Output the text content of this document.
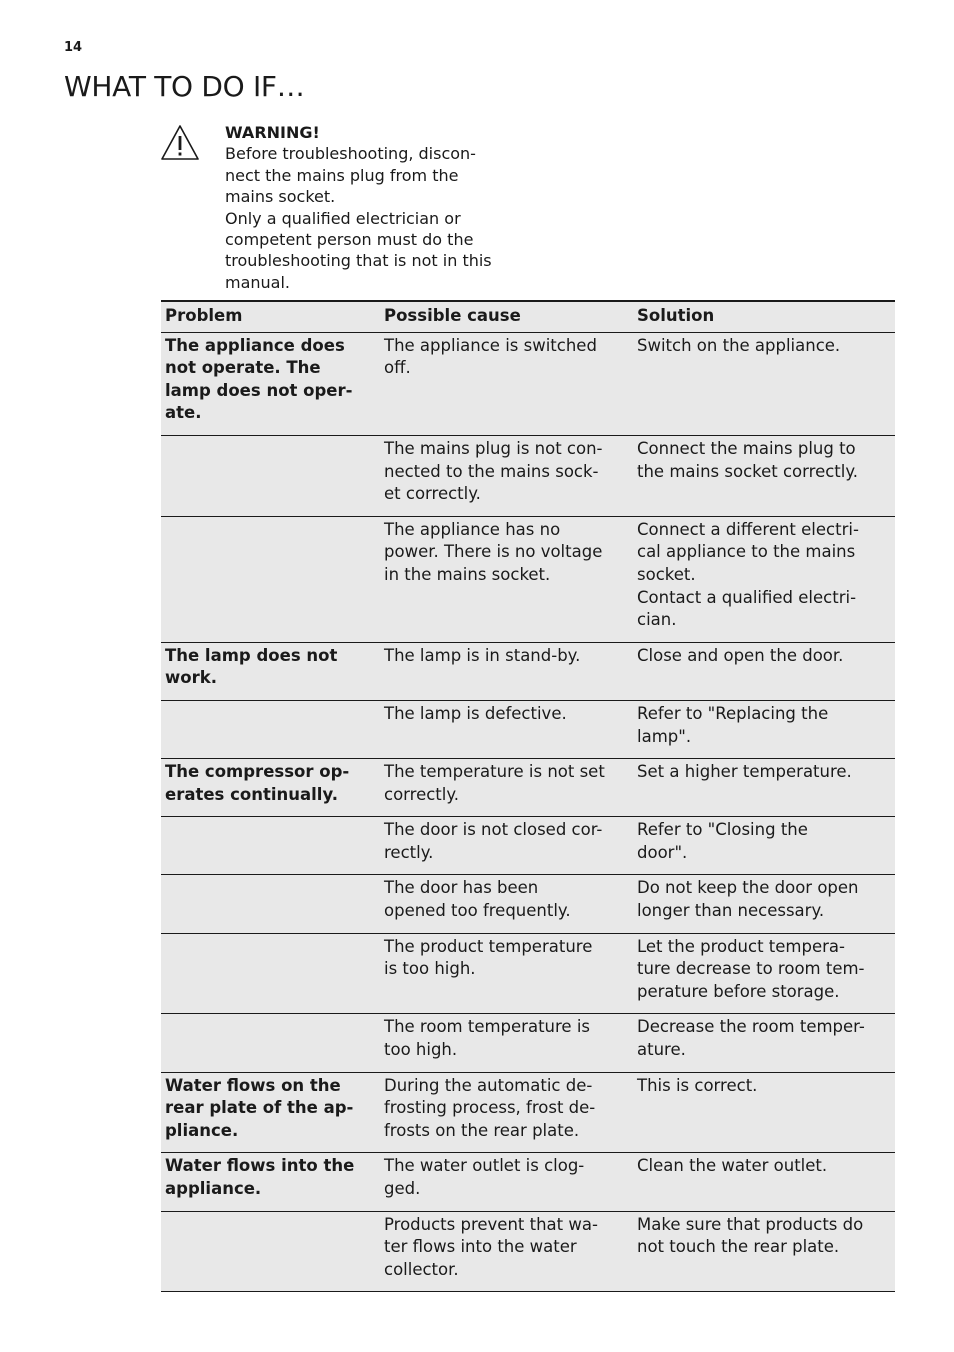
14
WHAT TO DO IF…
WARNING!
Before troubleshooting, discon-
nect the mains plug from the
mains socket.
Only a qualified electrician or
competent person must do the
troubleshooting that is not in this
manual.
Problem	Possible cause	Solution
The appliance does
not operate. The
lamp does not oper-
ate.	The appliance is switched
off.	Switch on the appliance.
	The mains plug is not con-
nected to the mains sock-
et correctly.	Connect the mains plug to
the mains socket correctly.
	The appliance has no
power. There is no voltage
in the mains socket.	Connect a different electri-
cal appliance to the mains
socket.
Contact a qualified electri-
cian.
The lamp does not
work.	The lamp is in stand-by.	Close and open the door.
	The lamp is defective.	Refer to "Replacing the
lamp".
The compressor op-
erates continually.	The temperature is not set
correctly.	Set a higher temperature.
	The door is not closed cor-
rectly.	Refer to "Closing the
door".
	The door has been
opened too frequently.	Do not keep the door open
longer than necessary.
	The product temperature
is too high.	Let the product tempera-
ture decrease to room tem-
perature before storage.
	The room temperature is
too high.	Decrease the room temper-
ature.
Water flows on the
rear plate of the ap-
pliance.	During the automatic de-
frosting process, frost de-
frosts on the rear plate.	This is correct.
Water flows into the
appliance.	The water outlet is clog-
ged.	Clean the water outlet.
	Products prevent that wa-
ter flows into the water
collector.	Make sure that products do
not touch the rear plate.
